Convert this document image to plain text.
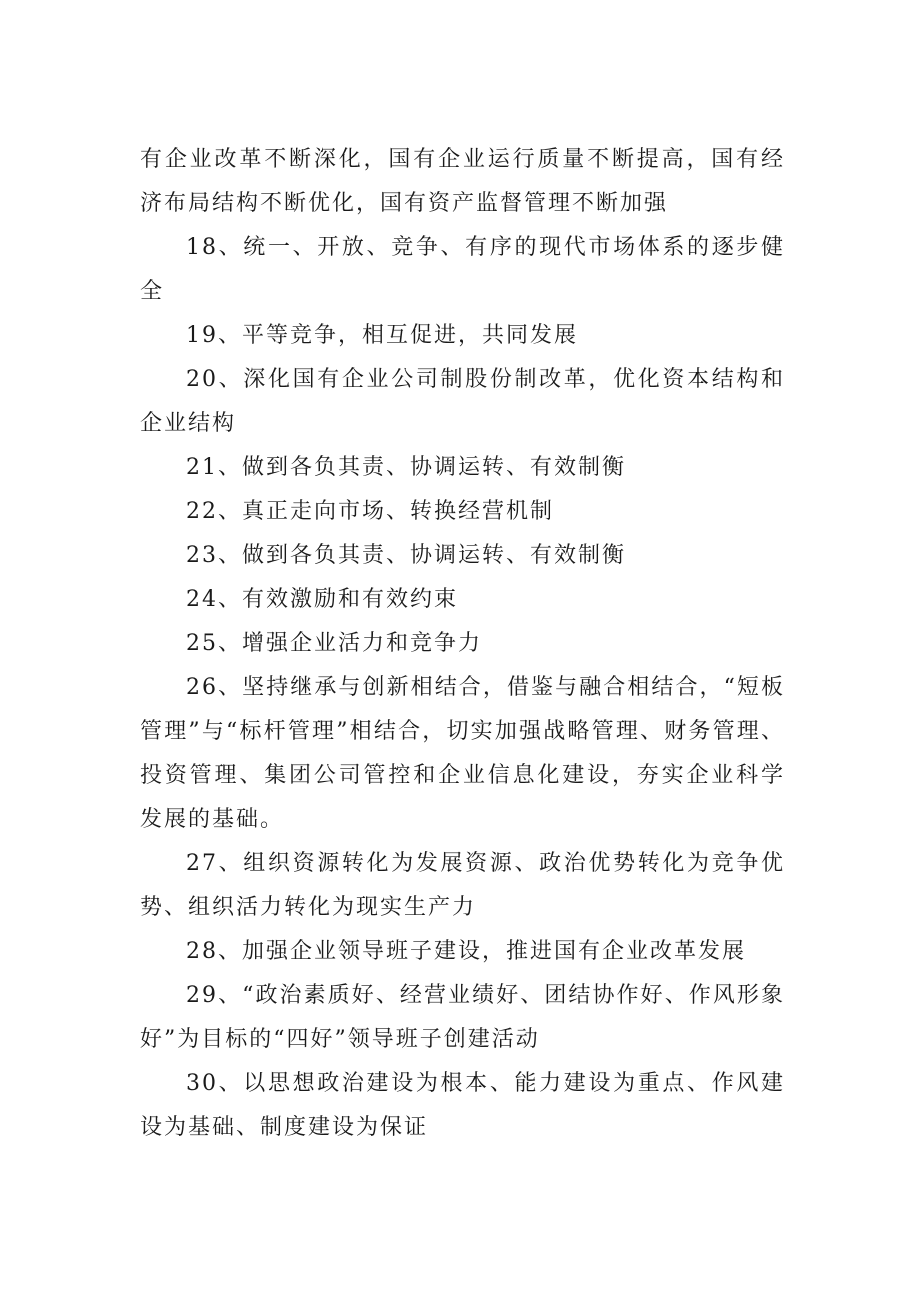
有企业改革不断深化，国有企业运行质量不断提高，国有经济布局结构不断优化，国有资产监督管理不断加强

18、统一、开放、竞争、有序的现代市场体系的逐步健全

19、平等竞争，相互促进，共同发展

20、深化国有企业公司制股份制改革，优化资本结构和企业结构

21、做到各负其责、协调运转、有效制衡

22、真正走向市场、转换经营机制

23、做到各负其责、协调运转、有效制衡

24、有效激励和有效约束

25、增强企业活力和竞争力

26、坚持继承与创新相结合，借鉴与融合相结合，“短板管理”与“标杆管理”相结合，切实加强战略管理、财务管理、投资管理、集团公司管控和企业信息化建设，夯实企业科学发展的基础。

27、组织资源转化为发展资源、政治优势转化为竞争优势、组织活力转化为现实生产力

28、加强企业领导班子建设，推进国有企业改革发展

29、“政治素质好、经营业绩好、团结协作好、作风形象好”为目标的“四好”领导班子创建活动

30、以思想政治建设为根本、能力建设为重点、作风建设为基础、制度建设为保证
